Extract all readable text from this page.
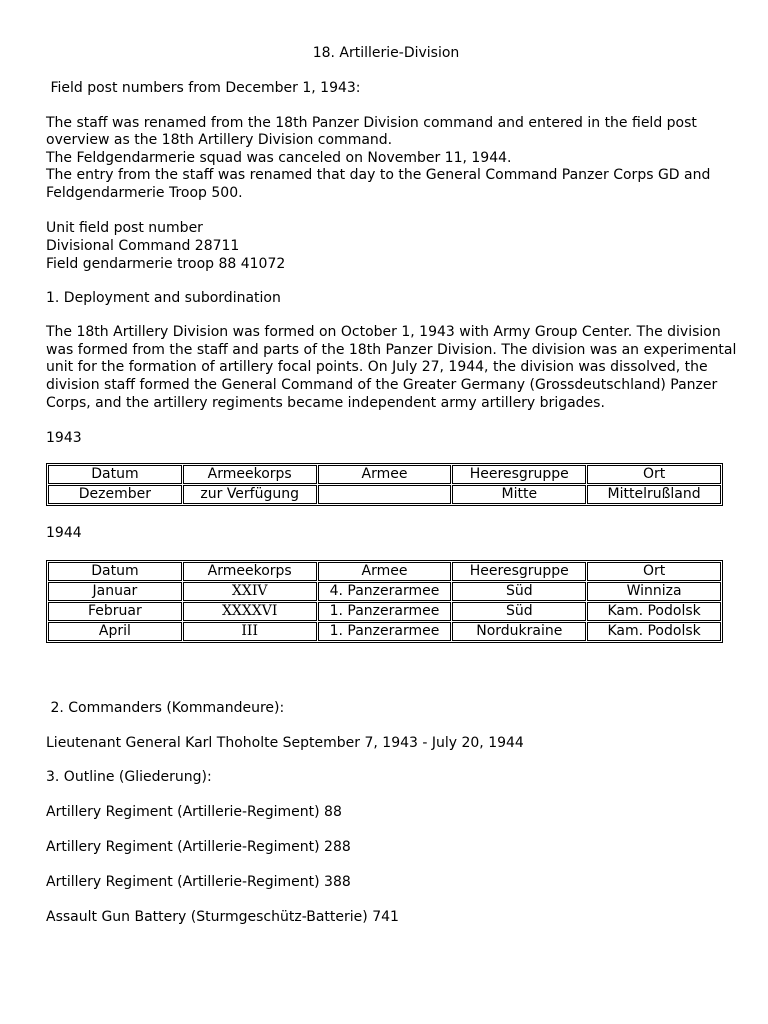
18. Artillerie-Division
Field post numbers from December 1, 1943:
The staff was renamed from the 18th Panzer Division command and entered in the field post
overview as the 18th Artillery Division command.
The Feldgendarmerie squad was canceled on November 11, 1944.
The entry from the staff was renamed that day to the General Command Panzer Corps GD and
Feldgendarmerie Troop 500.
Unit field post number
Divisional Command 28711
Field gendarmerie troop 88 41072
1. Deployment and subordination
The 18th Artillery Division was formed on October 1, 1943 with Army Group Center. The division
was formed from the staff and parts of the 18th Panzer Division. The division was an experimental
unit for the formation of artillery focal points. On July 27, 1944, the division was dissolved, the
division staff formed the General Command of the Greater Germany (Grossdeutschland) Panzer
Corps, and the artillery regiments became independent army artillery brigades.
1943
Datum	Armeekorps	Armee	Heeresgruppe	Ort
Dezember	zur Verfügung		Mitte	Mittelrußland
1944
Datum	Armeekorps	Armee	Heeresgruppe	Ort
Januar	XXIV	4. Panzerarmee	Süd	Winniza
Februar	XXXXVI	1. Panzerarmee	Süd	Kam. Podolsk
April	III	1. Panzerarmee	Nordukraine	Kam. Podolsk
2. Commanders (Kommandeure):
Lieutenant General Karl Thoholte September 7, 1943 - July 20, 1944
3. Outline (Gliederung):
Artillery Regiment (Artillerie-Regiment) 88
Artillery Regiment (Artillerie-Regiment) 288
Artillery Regiment (Artillerie-Regiment) 388
Assault Gun Battery (Sturmgeschütz-Batterie) 741
